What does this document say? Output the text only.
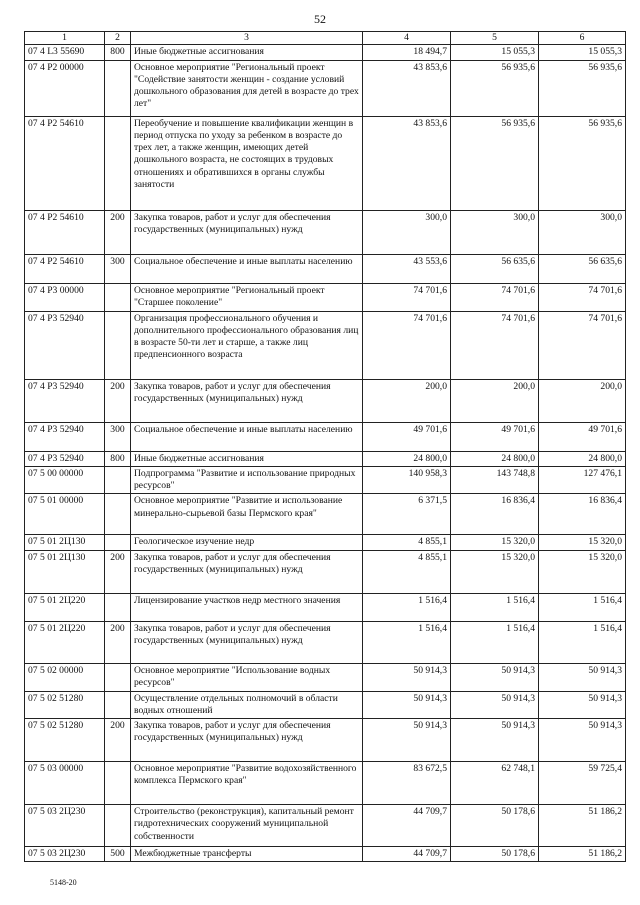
52
1	2	3	4	5	6
07 4 L3 55690	800	Иные бюджетные ассигнования	18 494,7	15 055,3	15 055,3
07 4 P2 00000		Основное мероприятие "Региональный проект "Содействие занятости женщин - создание условий дошкольного образования для детей в возрасте до трех лет"	43 853,6	56 935,6	56 935,6
07 4 P2 54610		Переобучение и повышение квалификации женщин в период отпуска по уходу за ребенком в возрасте до трех лет, а также женщин, имеющих детей дошкольного возраста, не состоящих в трудовых отношениях и обратившихся в органы службы занятости	43 853,6	56 935,6	56 935,6
07 4 P2 54610	200	Закупка товаров, работ и услуг для обеспечения государственных (муниципальных) нужд	300,0	300,0	300,0
07 4 P2 54610	300	Социальное обеспечение и иные выплаты населению	43 553,6	56 635,6	56 635,6
07 4 P3 00000		Основное мероприятие "Региональный проект "Старшее поколение"	74 701,6	74 701,6	74 701,6
07 4 P3 52940		Организация профессионального обучения и дополнительного профессионального образования лиц в возрасте 50-ти лет и старше, а также лиц предпенсионного возраста	74 701,6	74 701,6	74 701,6
07 4 P3 52940	200	Закупка товаров, работ и услуг для обеспечения государственных (муниципальных) нужд	200,0	200,0	200,0
07 4 P3 52940	300	Социальное обеспечение и иные выплаты населению	49 701,6	49 701,6	49 701,6
07 4 P3 52940	800	Иные бюджетные ассигнования	24 800,0	24 800,0	24 800,0
07 5 00 00000		Подпрограмма "Развитие и использование природных ресурсов"	140 958,3	143 748,8	127 476,1
07 5 01 00000		Основное мероприятие "Развитие и использование минерально-сырьевой базы Пермского края"	6 371,5	16 836,4	16 836,4
07 5 01 2Ц130		Геологическое изучение недр	4 855,1	15 320,0	15 320,0
07 5 01 2Ц130	200	Закупка товаров, работ и услуг для обеспечения государственных (муниципальных) нужд	4 855,1	15 320,0	15 320,0
07 5 01 2Ц220		Лицензирование участков недр местного значения	1 516,4	1 516,4	1 516,4
07 5 01 2Ц220	200	Закупка товаров, работ и услуг для обеспечения государственных (муниципальных) нужд	1 516,4	1 516,4	1 516,4
07 5 02 00000		Основное мероприятие "Использование водных ресурсов"	50 914,3	50 914,3	50 914,3
07 5 02 51280		Осуществление отдельных полномочий в области водных отношений	50 914,3	50 914,3	50 914,3
07 5 02 51280	200	Закупка товаров, работ и услуг для обеспечения государственных (муниципальных) нужд	50 914,3	50 914,3	50 914,3
07 5 03 00000		Основное мероприятие "Развитие водохозяйственного комплекса Пермского края"	83 672,5	62 748,1	59 725,4
07 5 03 2Ц230		Строительство (реконструкция), капитальный ремонт гидротехнических сооружений муниципальной собственности	44 709,7	50 178,6	51 186,2
07 5 03 2Ц230	500	Межбюджетные трансферты	44 709,7	50 178,6	51 186,2
5148-20
